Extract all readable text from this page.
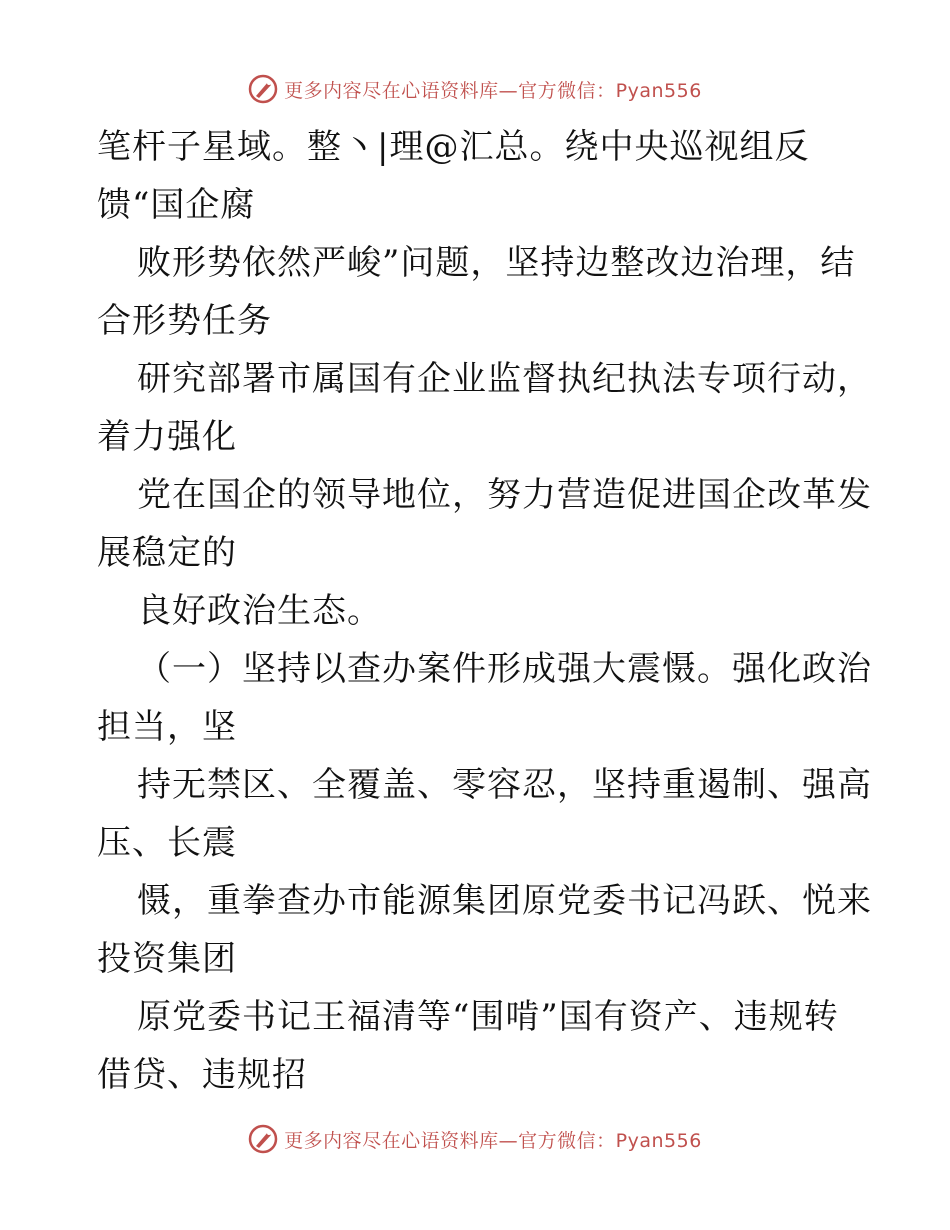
更多内容尽在心语资料库—官方微信：Pyan556
笔杆子星域。整丶|理@汇总。绕中央巡视组反
馈“国企腐
败形势依然严峻”问题，坚持边整改边治理，结
合形势任务
研究部署市属国有企业监督执纪执法专项行动，
着力强化
党在国企的领导地位，努力营造促进国企改革发
展稳定的
良好政治生态。
（一）坚持以查办案件形成强大震慑。强化政治
担当，坚
持无禁区、全覆盖、零容忍，坚持重遏制、强高
压、长震
慑，重拳查办市能源集团原党委书记冯跃、悦来
投资集团
原党委书记王福清等“围啃”国有资产、违规转
借贷、违规招
更多内容尽在心语资料库—官方微信：Pyan556
